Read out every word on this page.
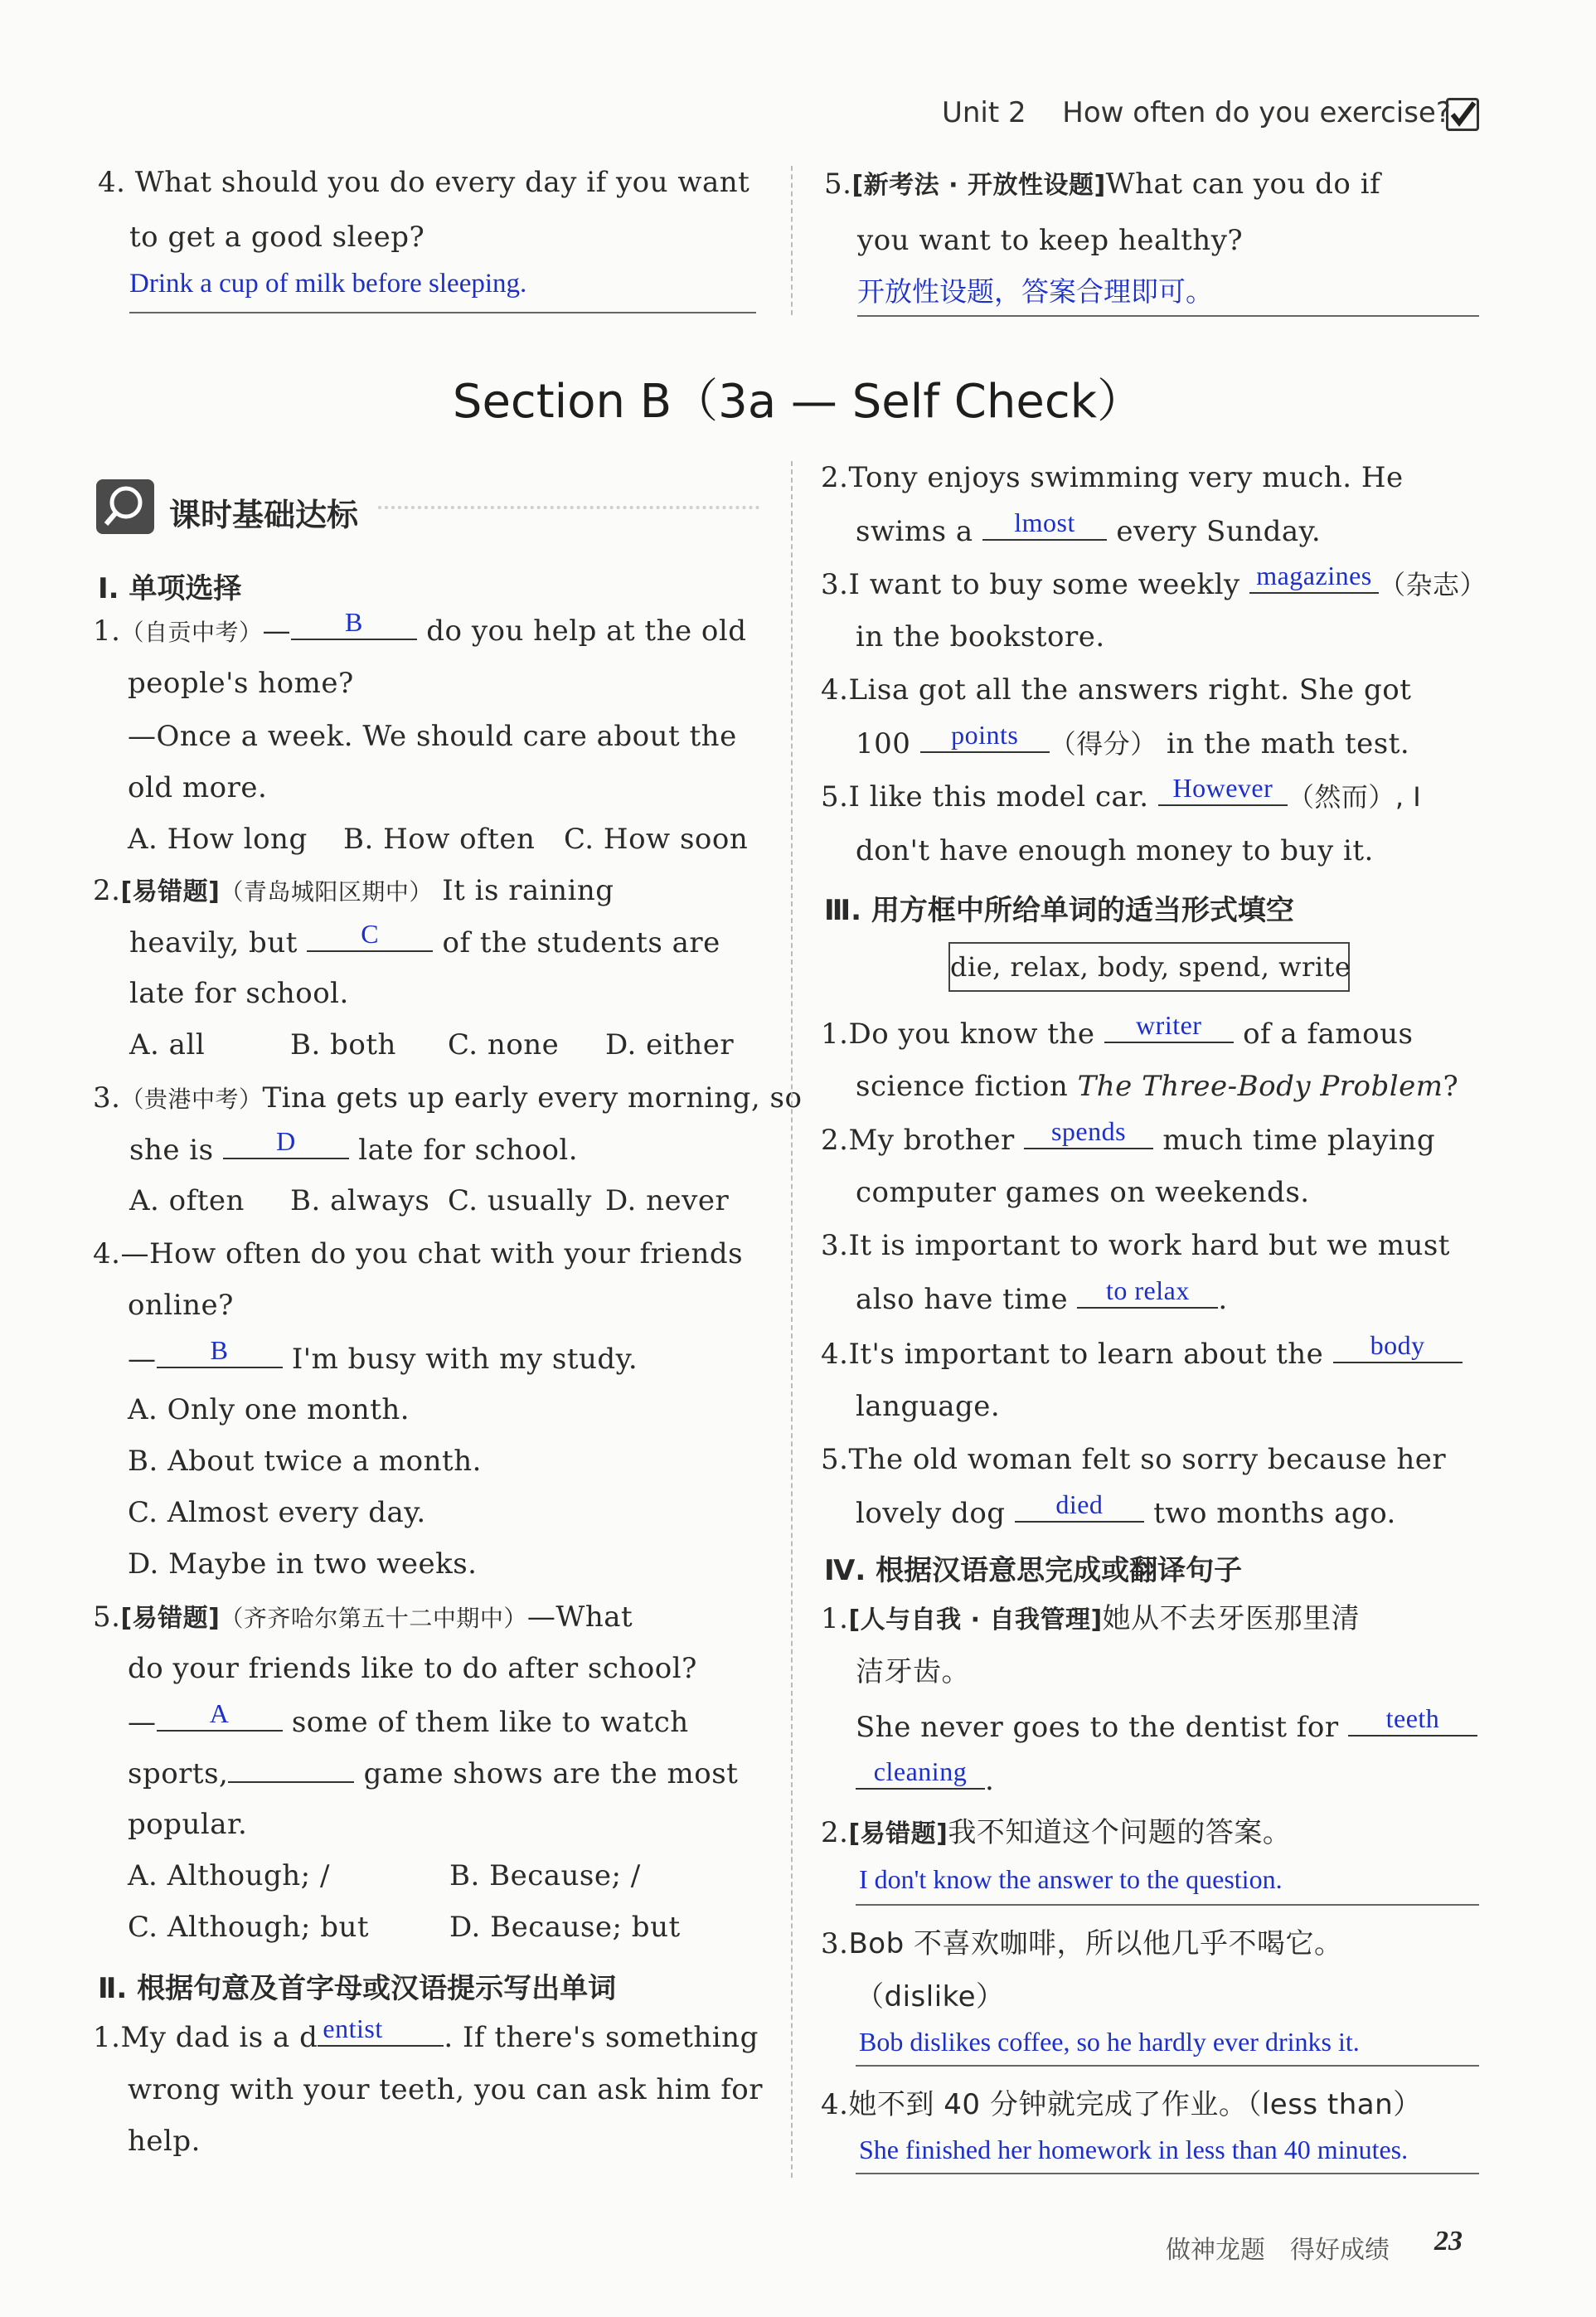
Unit 2 How often do you exercise?
4. What should you do every day if you want
to get a good sleep?
Drink a cup of milk before sleeping.
5.[新考法 · 开放性设题]What can you do if
you want to keep healthy?
开放性设题，答案合理即可。
Section B（3a — Self Check）
课时基础达标
Ⅰ. 单项选择
1.（自贡中考）—	B	do you help at the old
people's home?
—Once a week. We should care about the
old more.
A. How long B. How often C. How soon
2.[易错题]（青岛城阳区期中） It is raining
heavily, but	C	of the students are
late for school.
A. all	B. both C. none D. either
3.（贵港中考）Tina gets up early every morning, so
she is	D	late for school.
A. often B. always C. usually D. never
4.—How often do you chat with your friends
online?
—	B	I'm busy with my study.
A. Only one month.
B. About twice a month.
C. Almost every day.
D. Maybe in two weeks.
5.[易错题]（齐齐哈尔第五十二中期中）—What
do your friends like to do after school?
—	A	some of them like to watch
sports,	game shows are the most
popular.
A. Although; /	B. Because; /
C. Although; but	D. Because; but
Ⅱ. 根据句意及首字母或汉语提示写出单词
1.My dad is a d entist	. If there's something
wrong with your teeth, you can ask him for
help.
2.Tony enjoys swimming very much. He
swims a	lmost	every Sunday.
3.I want to buy some weekly magazines （杂志）
in the bookstore.
4.Lisa got all the answers right. She got
100	points	（得分） in the math test.
5.I like this model car. However （然而）, I
don't have enough money to buy it.
Ⅲ. 用方框中所给单词的适当形式填空
die, relax, body, spend, write
1.Do you know the	writer	of a famous
science fiction The Three-Body Problem?
2.My brother	spends	much time playing
computer games on weekends.
3.It is important to work hard but we must
also have time	to relax	.
4.It's important to learn about the	body
language.
5.The old woman felt so sorry because her
lovely dog	died	two months ago.
Ⅳ. 根据汉语意思完成或翻译句子
1.[人与自我 · 自我管理]她从不去牙医那里清
洁牙齿。
She never goes to the dentist for	teeth
cleaning .
2.[易错题]我不知道这个问题的答案。
I don't know the answer to the question.
3.Bob 不喜欢咖啡，所以他几乎不喝它。
（dislike）
Bob dislikes coffee, so he hardly ever drinks it.
4.她不到 40 分钟就完成了作业。（less than）
She finished her homework in less than 40 minutes.
做神龙题　得好成绩 23
